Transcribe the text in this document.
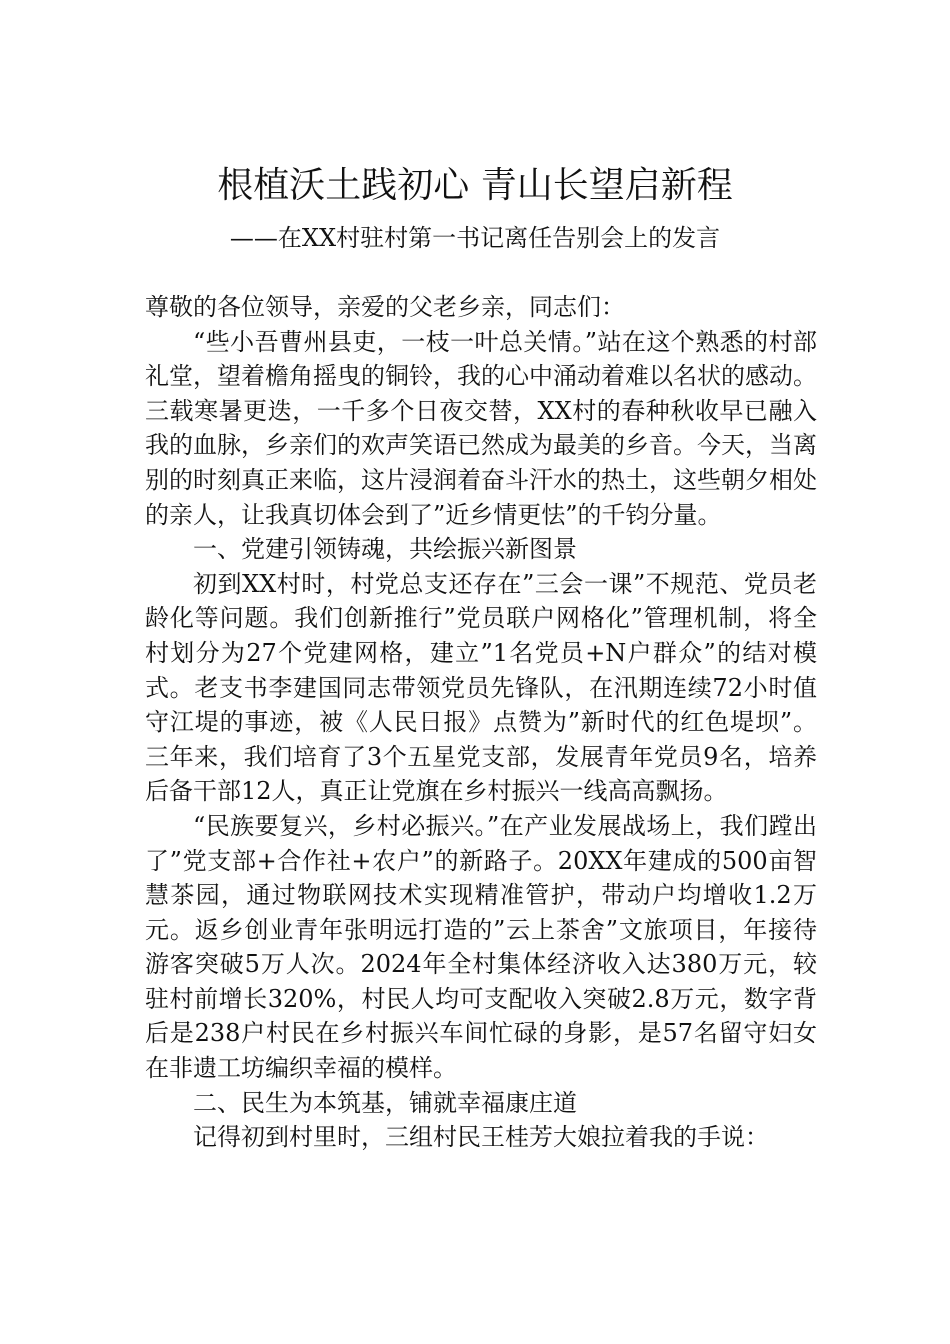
根植沃土践初心 青山长望启新程
——在XX村驻村第一书记离任告别会上的发言

尊敬的各位领导，亲爱的父老乡亲，同志们：

“些小吾曹州县吏，一枝一叶总关情。”站在这个熟悉的村部礼堂，望着檐角摇曳的铜铃，我的心中涌动着难以名状的感动。三载寒暑更迭，一千多个日夜交替，XX村的春种秋收早已融入我的血脉，乡亲们的欢声笑语已然成为最美的乡音。今天，当离别的时刻真正来临，这片浸润着奋斗汗水的热土，这些朝夕相处的亲人，让我真切体会到了”近乡情更怯”的千钧分量。

一、党建引领铸魂，共绘振兴新图景

初到XX村时，村党总支还存在”三会一课”不规范、党员老龄化等问题。我们创新推行”党员联户网格化”管理机制，将全村划分为27个党建网格，建立”1名党员+N户群众”的结对模式。老支书李建国同志带领党员先锋队，在汛期连续72小时值守江堤的事迹，被《人民日报》点赞为”新时代的红色堤坝”。三年来，我们培育了3个五星党支部，发展青年党员9名，培养后备干部12人，真正让党旗在乡村振兴一线高高飘扬。

“民族要复兴，乡村必振兴。”在产业发展战场上，我们蹚出了”党支部+合作社+农户”的新路子。20XX年建成的500亩智慧茶园，通过物联网技术实现精准管护，带动户均增收1.2万元。返乡创业青年张明远打造的”云上茶舍”文旅项目，年接待游客突破5万人次。2024年全村集体经济收入达380万元，较驻村前增长320%，村民人均可支配收入突破2.8万元，数字背后是238户村民在乡村振兴车间忙碌的身影，是57名留守妇女在非遗工坊编织幸福的模样。

二、民生为本筑基，铺就幸福康庄道

记得初到村里时，三组村民王桂芳大娘拉着我的手说：
